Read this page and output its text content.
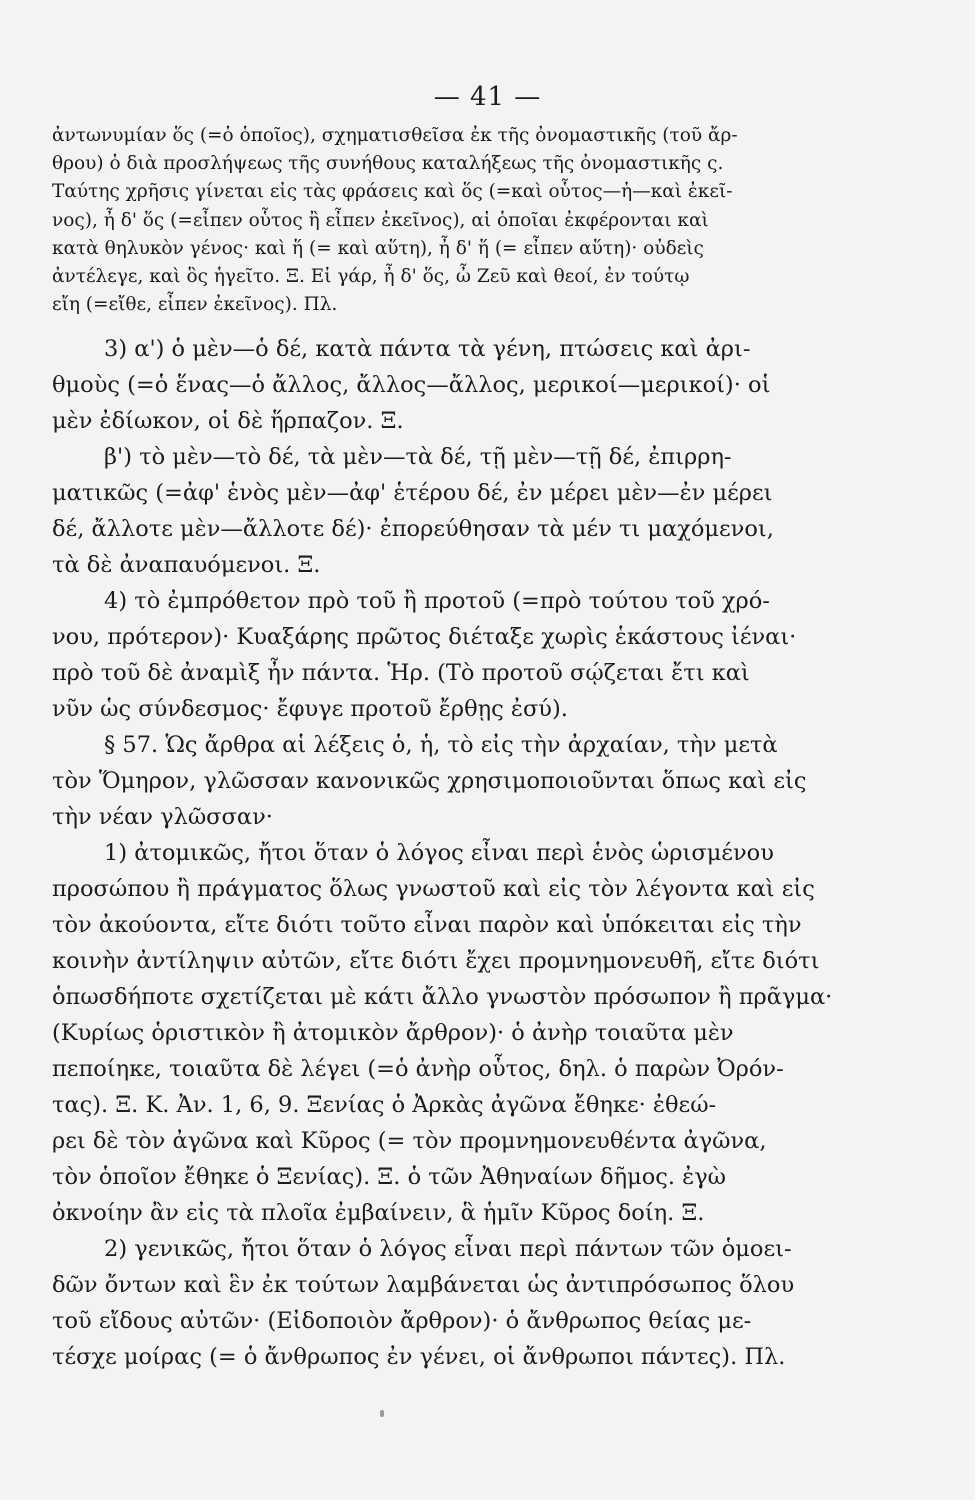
— 41 —
ἀντωνυμίαν ὅς (=ὁ ὁποῖος), σχηματισθεῖσα ἐκ τῆς ὀνομαστικῆς (τοῦ ἄρ-
θρου) ὁ διὰ προσλήψεως τῆς συνήθους καταλήξεως τῆς ὀνομαστικῆς ς.
Ταύτης χρῆσις γίνεται εἰς τὰς φράσεις καὶ ὅς (=καὶ οὗτος—ἡ—καὶ ἐκεῖ-
νος), ἦ δ' ὅς (=εἶπεν οὗτος ἢ εἶπεν ἐκεῖνος), αἱ ὁποῖαι ἐκφέρονται καὶ
κατὰ θηλυκὸν γένος· καὶ ἥ (= καὶ αὕτη), ἦ δ' ἥ (= εἶπεν αὕτη)· οὐδεὶς
ἀντέλεγε, καὶ ὃς ἡγεῖτο. Ξ. Εἰ γάρ, ἦ δ' ὅς, ὦ Ζεῦ καὶ θεοί, ἐν τούτῳ
εἴη (=εἴθε, εἶπεν ἐκεῖνος). Πλ.
3) α') ὁ μὲν—ὁ δέ, κατὰ πάντα τὰ γένη, πτώσεις καὶ ἀρι-
θμοὺς (=ὁ ἕνας—ὁ ἄλλος, ἄλλος—ἄλλος, μερικοί—μερικοί)· οἱ
μὲν ἐδίωκον, οἱ δὲ ἥρπαζον. Ξ.
β') τὸ μὲν—τὸ δέ, τὰ μὲν—τὰ δέ, τῇ μὲν—τῇ δέ, ἐπιρρη-
ματικῶς (=ἀφ' ἑνὸς μὲν—ἀφ' ἑτέρου δέ, ἐν μέρει μὲν—ἐν μέρει
δέ, ἄλλοτε μὲν—ἄλλοτε δέ)· ἐπορεύθησαν τὰ μέν τι μαχόμενοι,
τὰ δὲ ἀναπαυόμενοι. Ξ.
4) τὸ ἐμπρόθετον πρὸ τοῦ ἢ προτοῦ (=πρὸ τούτου τοῦ χρό-
νου, πρότερον)· Κυαξάρης πρῶτος διέταξε χωρὶς ἑκάστους ἰέναι·
πρὸ τοῦ δὲ ἀναμὶξ ἦν πάντα. Ἡρ. (Τὸ προτοῦ σῴζεται ἔτι καὶ
νῦν ὡς σύνδεσμος· ἔφυγε προτοῦ ἔρθῃς ἐσύ).
§ 57. Ὡς ἄρθρα αἱ λέξεις ὁ, ἡ, τὸ εἰς τὴν ἀρχαίαν, τὴν μετὰ
τὸν Ὅμηρον, γλῶσσαν κανονικῶς χρησιμοποιοῦνται ὅπως καὶ εἰς
τὴν νέαν γλῶσσαν·
1) ἀτομικῶς, ἤτοι ὅταν ὁ λόγος εἶναι περὶ ἑνὸς ὡρισμένου
προσώπου ἢ πράγματος ὅλως γνωστοῦ καὶ εἰς τὸν λέγοντα καὶ εἰς
τὸν ἀκούοντα, εἴτε διότι τοῦτο εἶναι παρὸν καὶ ὑπόκειται εἰς τὴν
κοινὴν ἀντίληψιν αὐτῶν, εἴτε διότι ἔχει προμνημονευθῆ, εἴτε διότι
ὁπωσδήποτε σχετίζεται μὲ κάτι ἄλλο γνωστὸν πρόσωπον ἢ πρᾶγμα·
(Κυρίως ὁριστικὸν ἢ ἀτομικὸν ἄρθρον)· ὁ ἀνὴρ τοιαῦτα μὲν
πεποίηκε, τοιαῦτα δὲ λέγει (=ὁ ἀνὴρ οὗτος, δηλ. ὁ παρὼν Ὀρόν-
τας). Ξ. Κ. Ἀν. 1, 6, 9. Ξενίας ὁ Ἀρκὰς ἀγῶνα ἔθηκε· ἐθεώ-
ρει δὲ τὸν ἀγῶνα καὶ Κῦρος (= τὸν προμνημονευθέντα ἀγῶνα,
τὸν ὁποῖον ἔθηκε ὁ Ξενίας). Ξ. ὁ τῶν Ἀθηναίων δῆμος. ἐγὼ
ὀκνοίην ἂν εἰς τὰ πλοῖα ἐμβαίνειν, ἃ ἡμῖν Κῦρος δοίη. Ξ.
2) γενικῶς, ἤτοι ὅταν ὁ λόγος εἶναι περὶ πάντων τῶν ὁμοει-
δῶν ὄντων καὶ ἓν ἐκ τούτων λαμβάνεται ὡς ἀντιπρόσωπος ὅλου
τοῦ εἴδους αὐτῶν· (Εἰδοποιὸν ἄρθρον)· ὁ ἄνθρωπος θείας με-
τέσχε μοίρας (= ὁ ἄνθρωπος ἐν γένει, οἱ ἄνθρωποι πάντες). Πλ.
